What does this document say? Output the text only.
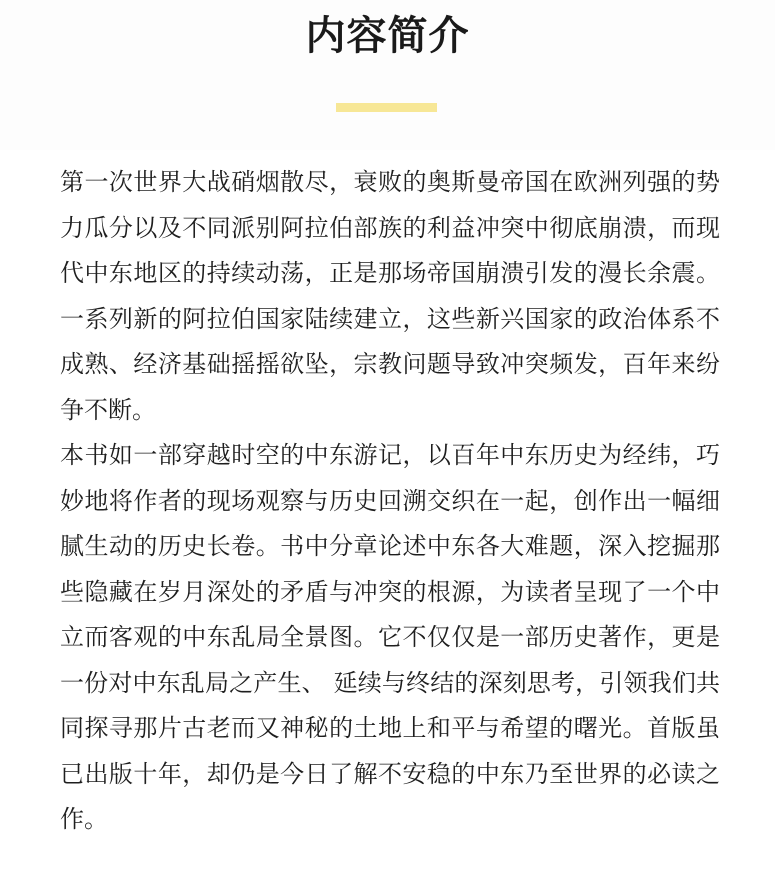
内容简介

第一次世界大战硝烟散尽，衰败的奥斯曼帝国在欧洲列强的势力瓜分以及不同派别阿拉伯部族的利益冲突中彻底崩溃，而现代中东地区的持续动荡，正是那场帝国崩溃引发的漫长余震。一系列新的阿拉伯国家陆续建立，这些新兴国家的政治体系不成熟、经济基础摇摇欲坠，宗教问题导致冲突频发，百年来纷争不断。

本书如一部穿越时空的中东游记，以百年中东历史为经纬，巧妙地将作者的现场观察与历史回溯交织在一起，创作出一幅细腻生动的历史长卷。书中分章论述中东各大难题，深入挖掘那些隐藏在岁月深处的矛盾与冲突的根源，为读者呈现了一个中立而客观的中东乱局全景图。它不仅仅是一部历史著作，更是一份对中东乱局之产生、 延续与终结的深刻思考，引领我们共同探寻那片古老而又神秘的土地上和平与希望的曙光。首版虽已出版十年，却仍是今日了解不安稳的中东乃至世界的必读之作。
